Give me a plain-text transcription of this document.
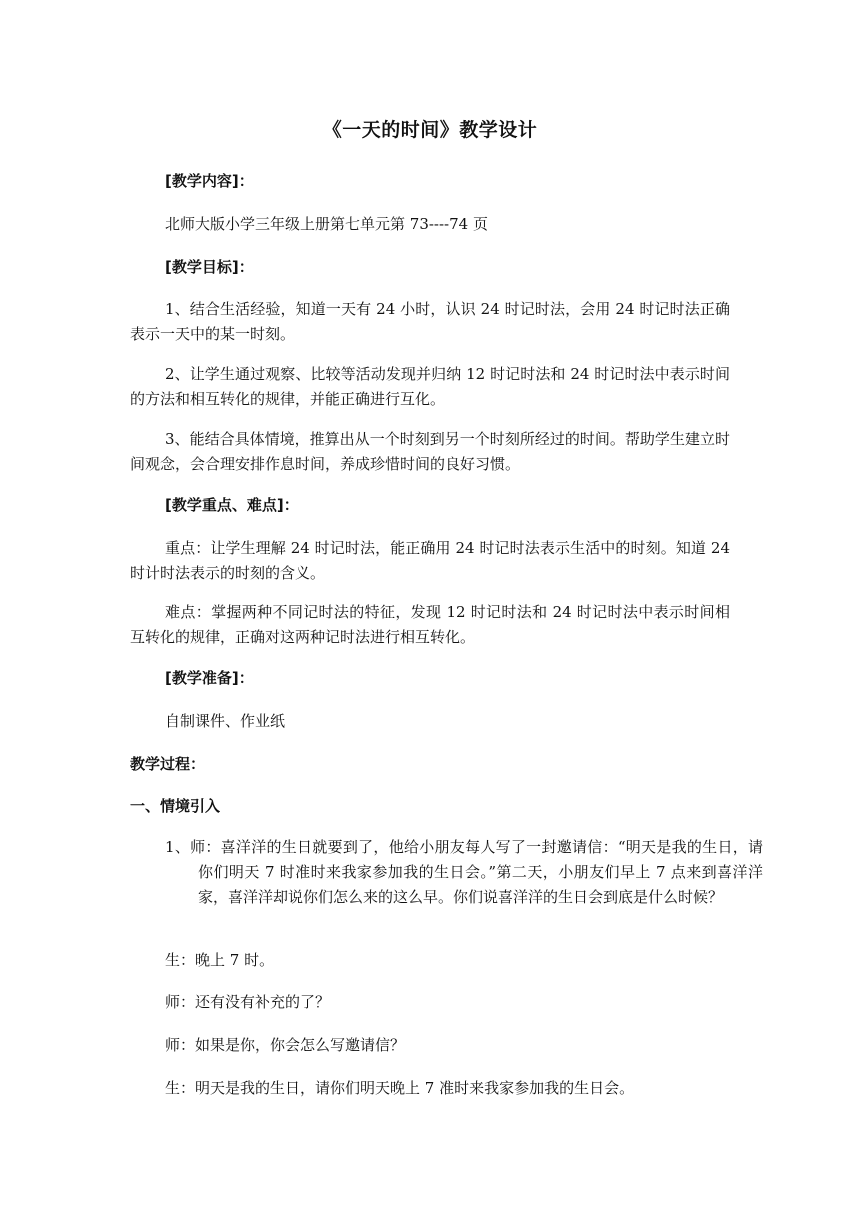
《一天的时间》教学设计
[教学内容]：
北师大版小学三年级上册第七单元第 73----74 页
[教学目标]：
1、结合生活经验，知道一天有 24 小时，认识 24 时记时法，会用 24 时记时法正确表示一天中的某一时刻。
2、让学生通过观察、比较等活动发现并归纳 12 时记时法和 24 时记时法中表示时间的方法和相互转化的规律，并能正确进行互化。
3、能结合具体情境，推算出从一个时刻到另一个时刻所经过的时间。帮助学生建立时间观念，会合理安排作息时间，养成珍惜时间的良好习惯。
[教学重点、难点]：
重点：让学生理解 24 时记时法，能正确用 24 时记时法表示生活中的时刻。知道 24 时计时法表示的时刻的含义。
难点：掌握两种不同记时法的特征，发现 12 时记时法和 24 时记时法中表示时间相互转化的规律，正确对这两种记时法进行相互转化。
[教学准备]：
自制课件、作业纸
教学过程：
一、情境引入
1、师：喜洋洋的生日就要到了，他给小朋友每人写了一封邀请信：“明天是我的生日，请你们明天 7 时准时来我家参加我的生日会。”第二天，小朋友们早上 7 点来到喜洋洋家，喜洋洋却说你们怎么来的这么早。你们说喜洋洋的生日会到底是什么时候？
生：晚上 7 时。
师：还有没有补充的了？
师：如果是你，你会怎么写邀请信？
生：明天是我的生日，请你们明天晚上 7 准时来我家参加我的生日会。
